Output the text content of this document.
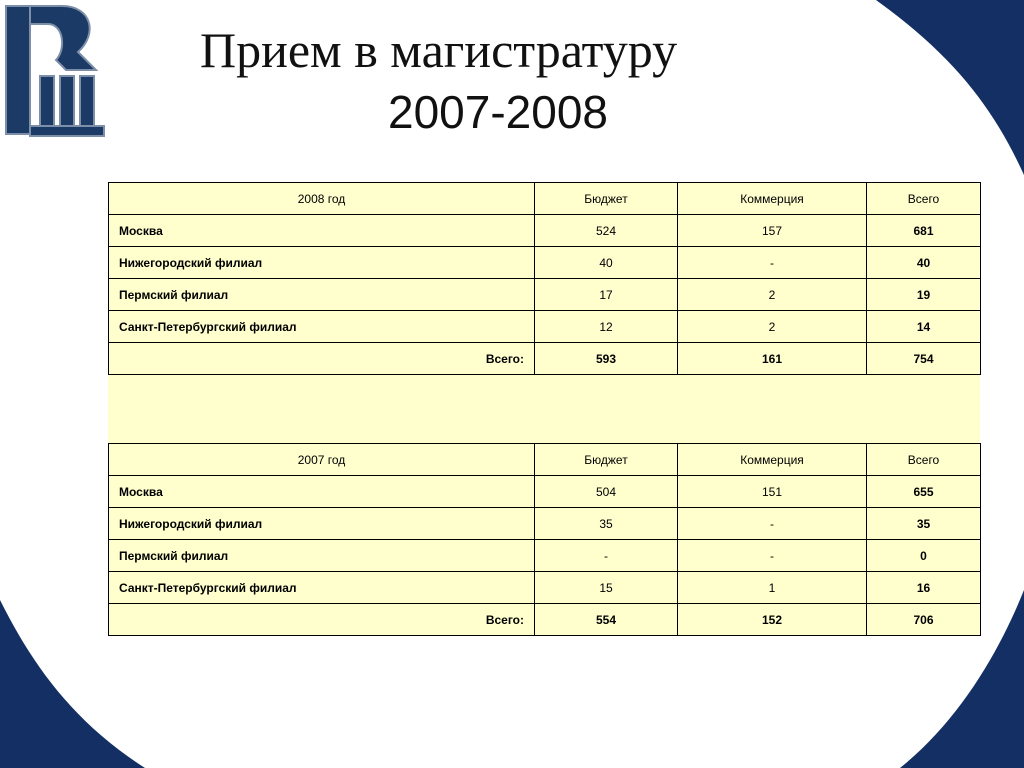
Прием в магистратуру
2007-2008
2008 год	Бюджет	Коммерция	Всего
Москва	524	157	681
Нижегородский филиал	40	-	40
Пермский филиал	17	2	19
Санкт-Петербургский филиал	12	2	14
Всего:	593	161	754
2007 год	Бюджет	Коммерция	Всего
Москва	504	151	655
Нижегородский филиал	35	-	35
Пермский филиал	-	-	0
Санкт-Петербургский филиал	15	1	16
Всего:	554	152	706
